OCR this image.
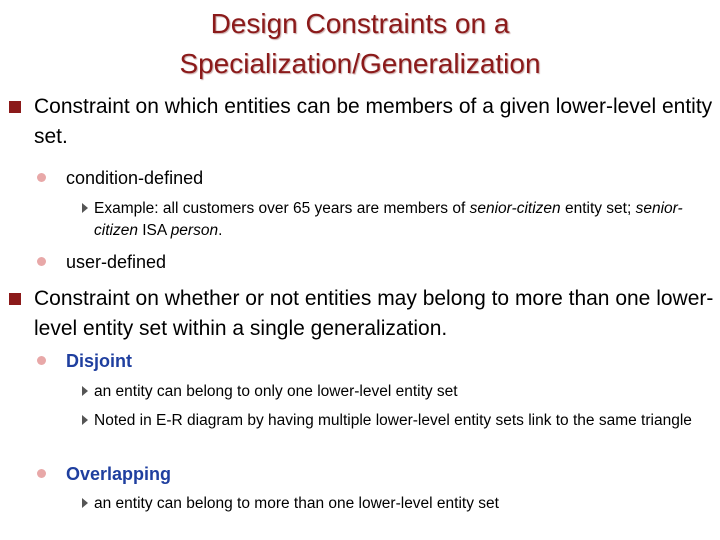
Design Constraints on a
Specialization/Generalization
Constraint on which entities can be members of a given lower-level entity set.
condition-defined
Example: all customers over 65 years are members of senior-citizen entity set; senior-citizen ISA person.
user-defined
Constraint on whether or not entities may belong to more than one lower-level entity set within a single generalization.
Disjoint
an entity can belong to only one lower-level entity set
Noted in E-R diagram by having multiple lower-level entity sets link to the same triangle
Overlapping
an entity can belong to more than one lower-level entity set
